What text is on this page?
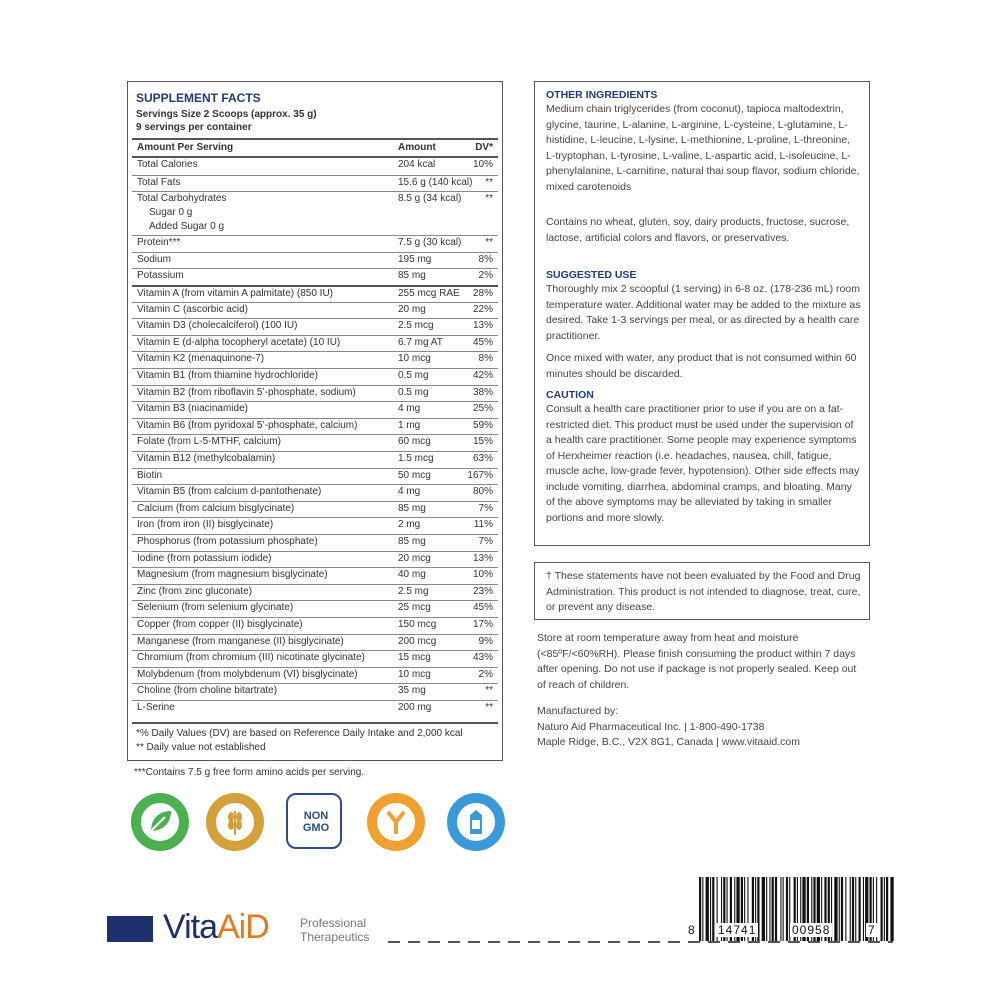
SUPPLEMENT FACTS
Servings Size 2 Scoops (approx. 35 g)
9 servings per container
Amount Per Serving	Amount	DV*
Total Calories	204 kcal	10%
Total Fats	15.6 g (140 kcal) **
Total Carbohydrates	8.5 g (34 kcal) **
Sugar 0 g
Added Sugar 0 g
Protein***	7.5 g (30 kcal) **
Sodium	195 mg	8%
Potassium	85 mg	2%
Vitamin A (from vitamin A palmitate) (850 IU)	255 mcg RAE 28%
Vitamin C (ascorbic acid)	20 mg	22%
Vitamin D3 (cholecalciferol) (100 IU)	2.5 mcg	13%
Vitamin E (d-alpha tocopheryl acetate) (10 IU)	6.7 mg AT	45%
Vitamin K2 (menaquinone-7)	10 mcg	8%
Vitamin B1 (from thiamine hydrochloride)	0.5 mg	42%
Vitamin B2 (from riboflavin 5’-phosphate, sodium)	0.5 mg	38%
Vitamin B3 (niacinamide)	4 mg	25%
Vitamin B6 (from pyridoxal 5’-phosphate, calcium)	1 mg	59%
Folate (from L-5-MTHF, calcium)	60 mcg	15%
Vitamin B12 (methylcobalamin)	1.5 mcg	63%
Biotin	50 mcg	167%
Vitamin B5 (from calcium d-pantothenate)	4 mg	80%
Calcium (from calcium bisglycinate)	85 mg	7%
Iron (from iron (II) bisglycinate)	2 mg	11%
Phosphorus (from potassium phosphate)	85 mg	7%
Iodine (from potassium iodide)	20 mcg	13%
Magnesium (from magnesium bisglycinate)	40 mg	10%
Zinc (from zinc gluconate)	2.5 mg	23%
Selenium (from selenium glycinate)	25 mcg	45%
Copper (from copper (II) bisglycinate)	150 mcg	17%
Manganese (from manganese (II) bisglycinate)	200 mcg	9%
Chromium (from chromium (III) nicotinate glycinate)	15 mcg	43%
Molybdenum (from molybdenum (VI) bisglycinate)	10 mcg	2%
Choline (from choline bitartrate)	35 mg	**
L-Serine	200 mg	**
*% Daily Values (DV) are based on Reference Daily Intake and 2,000 kcal
** Daily value not established
***Contains 7.5 g free form amino acids per serving.
NON GMO
OTHER INGREDIENTS
Medium chain triglycerides (from coconut), tapioca maltodextrin, glycine, taurine, L-alanine, L-arginine, L-cysteine, L-glutamine, L-histidine, L-leucine, L-lysine, L-methionine, L-proline, L-threonine, L-tryptophan, L-tyrosine, L-valine, L-aspartic acid, L-isoleucine, L-phenylalanine, L-carnitine, natural thai soup flavor, sodium chloride, mixed carotenoids
Contains no wheat, gluten, soy, dairy products, fructose, sucrose, lactose, artificial colors and flavors, or preservatives.
SUGGESTED USE
Thoroughly mix 2 scoopful (1 serving) in 6-8 oz. (178-236 mL) room temperature water. Additional water may be added to the mixture as desired. Take 1-3 servings per meal, or as directed by a health care practitioner.
Once mixed with water, any product that is not consumed within 60 minutes should be discarded.
CAUTION
Consult a health care practitioner prior to use if you are on a fat-restricted diet. This product must be used under the supervision of a health care practitioner. Some people may experience symptoms of Herxheimer reaction (i.e. headaches, nausea, chill, fatigue, muscle ache, low-grade fever, hypotension). Other side effects may include vomiting, diarrhea, abdominal cramps, and bloating. Many of the above symptoms may be alleviated by taking in smaller portions and more slowly.
† These statements have not been evaluated by the Food and Drug Administration. This product is not intended to diagnose, treat, cure, or prevent any disease.
Store at room temperature away from heat and moisture (<85ºF/<60%RH). Please finish consuming the product within 7 days after opening. Do not use if package is not properly sealed. Keep out of reach of children.
Manufactured by:
Naturo Aid Pharmaceutical Inc. | 1-800-490-1738
Maple Ridge, B.C., V2X 8G1, Canada | www.vitaaid.com
VitaAiD	Professional
Therapeutics	8 14741	00958	7
